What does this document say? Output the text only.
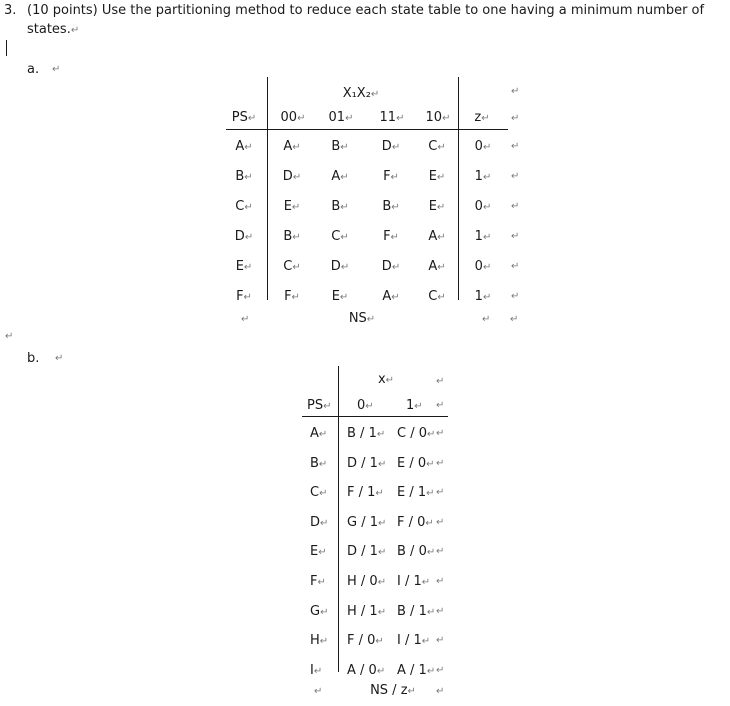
3. (10 points) Use the partitioning method to reduce each state table to one having a minimum number of
states.↵
a. ↵
X₁X₂↵	↵
PS↵	00↵	01↵	11↵	10↵	z↵	↵
A↵	A↵	B↵	D↵	C↵	0↵	↵
B↵	D↵	A↵	F↵	E↵	1↵	↵
C↵	E↵	B↵	B↵	E↵	0↵	↵
D↵	B↵	C↵	F↵	A↵	1↵	↵
E↵	C↵	D↵	D↵	A↵	0↵	↵
F↵	F↵	E↵	A↵	C↵	1↵	↵
↵	NS↵	↵ ↵
↵
b. ↵
x↵	↵
PS↵ 0↵ 1↵ ↵
A↵ B / 1↵ C / 0↵ ↵
B↵ D / 1↵ E / 0↵ ↵
C↵ F / 1↵ E / 1↵ ↵
D↵ G / 1↵ F / 0↵ ↵
E↵ D / 1↵ B / 0↵ ↵
F↵ H / 0↵ I / 1↵ ↵
G↵ H / 1↵ B / 1↵ ↵
H↵ F / 0↵ I / 1↵ ↵
I↵ A / 0↵ A / 1↵ ↵
↵	NS / z↵	↵
